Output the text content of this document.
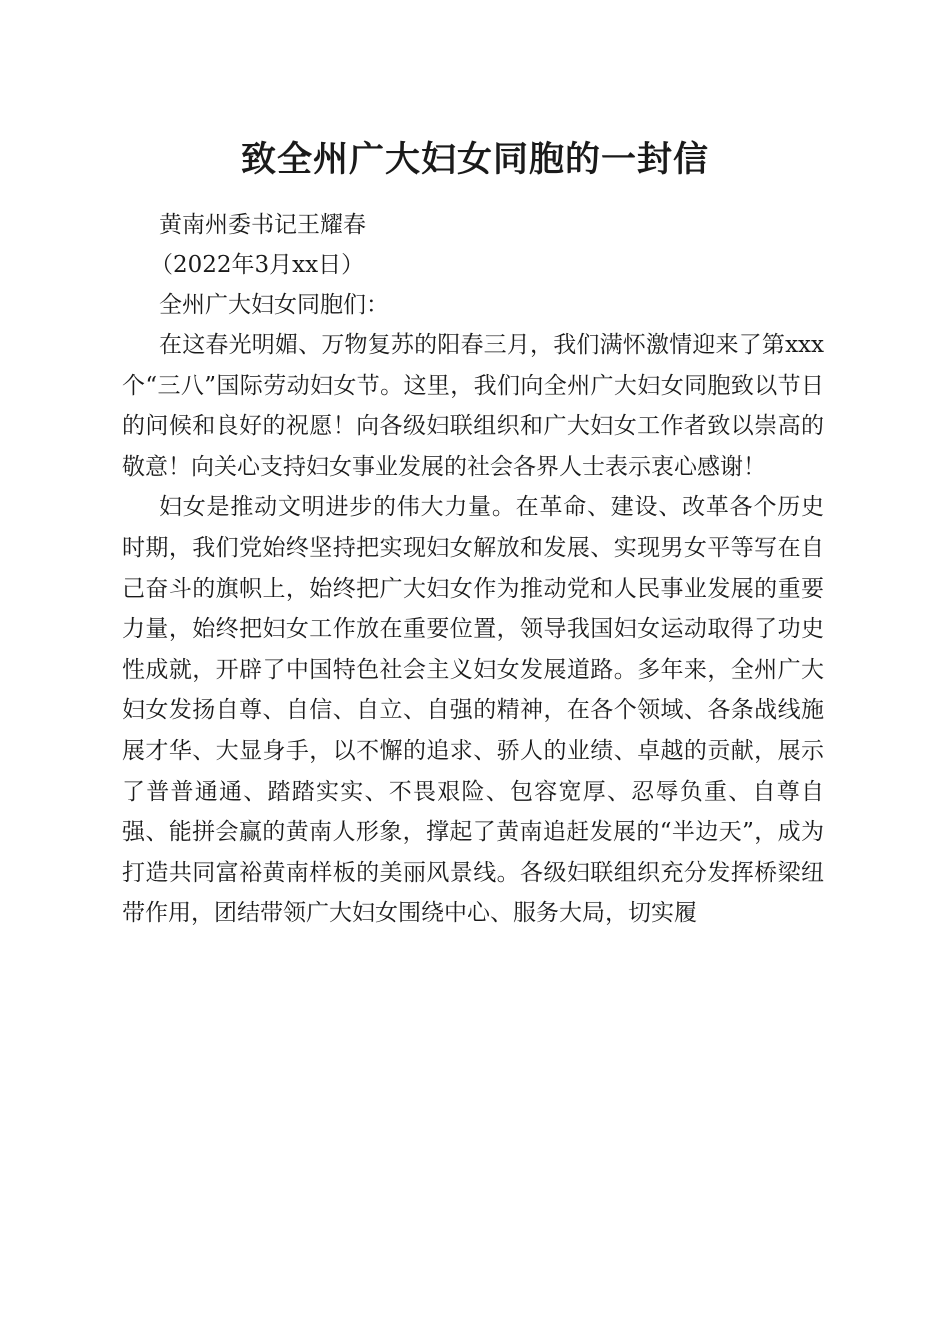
致全州广大妇女同胞的一封信

黄南州委书记王耀春

（2022年3月xx日）

全州广大妇女同胞们：

在这春光明媚、万物复苏的阳春三月，我们满怀激情迎来了第xxx个“三八”国际劳动妇女节。这里，我们向全州广大妇女同胞致以节日的问候和良好的祝愿！向各级妇联组织和广大妇女工作者致以崇高的敬意！向关心支持妇女事业发展的社会各界人士表示衷心感谢！

妇女是推动文明进步的伟大力量。在革命、建设、改革各个历史时期，我们党始终坚持把实现妇女解放和发展、实现男女平等写在自己奋斗的旗帜上，始终把广大妇女作为推动党和人民事业发展的重要力量，始终把妇女工作放在重要位置，领导我国妇女运动取得了功史性成就，开辟了中国特色社会主义妇女发展道路。多年来，全州广大妇女发扬自尊、自信、自立、自强的精神，在各个领域、各条战线施展才华、大显身手，以不懈的追求、骄人的业绩、卓越的贡献，展示了普普通通、踏踏实实、不畏艰险、包容宽厚、忍辱负重、自尊自强、能拼会赢的黄南人形象，撑起了黄南追赶发展的“半边天”，成为打造共同富裕黄南样板的美丽风景线。各级妇联组织充分发挥桥梁纽带作用，团结带领广大妇女围绕中心、服务大局，切实履
